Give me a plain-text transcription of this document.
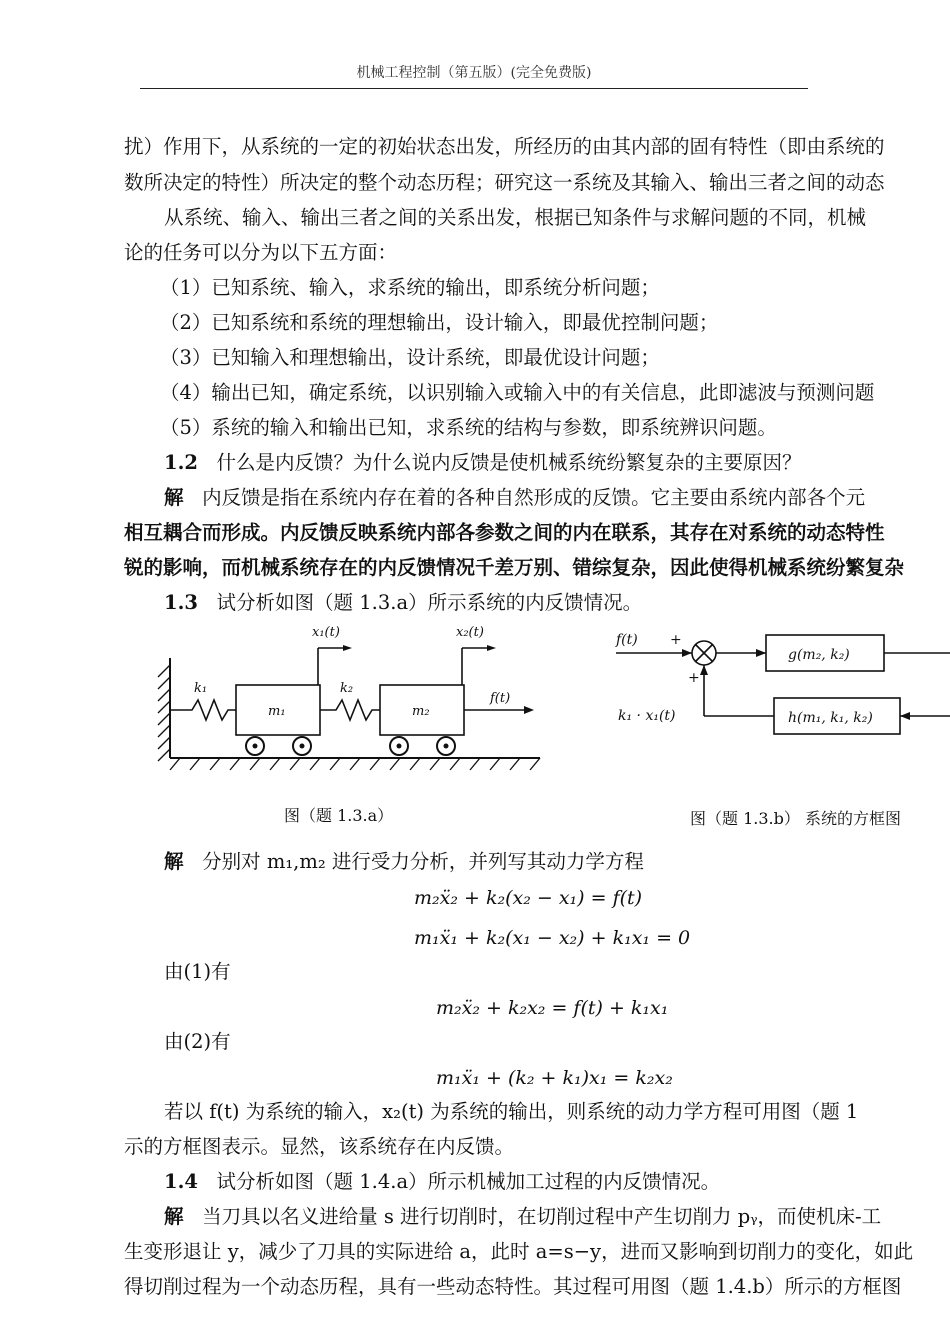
机械工程控制（第五版）(完全免费版)
扰）作用下，从系统的一定的初始状态出发，所经历的由其内部的固有特性（即由系统的
数所决定的特性）所决定的整个动态历程；研究这一系统及其输入、输出三者之间的动态
从系统、输入、输出三者之间的关系出发，根据已知条件与求解问题的不同，机械
论的任务可以分为以下五方面：
（1）已知系统、输入，求系统的输出，即系统分析问题；
（2）已知系统和系统的理想输出，设计输入，即最优控制问题；
（3）已知输入和理想输出，设计系统，即最优设计问题；
（4）输出已知，确定系统，以识别输入或输入中的有关信息，此即滤波与预测问题
（5）系统的输入和输出已知，求系统的结构与参数，即系统辨识问题。
1.2 什么是内反馈？为什么说内反馈是使机械系统纷繁复杂的主要原因？
解 内反馈是指在系统内存在着的各种自然形成的反馈。它主要由系统内部各个元
相互耦合而形成。内反馈反映系统内部各参数之间的内在联系，其存在对系统的动态特性
锐的影响，而机械系统存在的内反馈情况千差万别、错综复杂，因此使得机械系统纷繁复杂
1.3 试分析如图（题 1.3.a）所示系统的内反馈情况。
k₁	k₂
m₁	m₂
f(t)
x₁(t)	x₂(t)
图（题 1.3.a）
f(t) +
+
k₁ · x₁(t)
g(m₂, k₂)
h(m₁, k₁, k₂)
图（题 1.3.b） 系统的方框图
解 分别对 m₁,m₂ 进行受力分析，并列写其动力学方程
m₂ẍ₂ + k₂(x₂ − x₁) = f(t)
m₁ẍ₁ + k₂(x₁ − x₂) + k₁x₁ = 0
由(1)有
m₂ẍ₂ + k₂x₂ = f(t) + k₁x₁
由(2)有
m₁ẍ₁ + (k₂ + k₁)x₁ = k₂x₂
若以 f(t) 为系统的输入，x₂(t) 为系统的输出，则系统的动力学方程可用图（题 1
示的方框图表示。显然，该系统存在内反馈。
1.4 试分析如图（题 1.4.a）所示机械加工过程的内反馈情况。
解 当刀具以名义进给量 s 进行切削时，在切削过程中产生切削力 pᵧ，而使机床-工
生变形退让 y，减少了刀具的实际进给 a，此时 a=s−y，进而又影响到切削力的变化，如此
得切削过程为一个动态历程，具有一些动态特性。其过程可用图（题 1.4.b）所示的方框图
